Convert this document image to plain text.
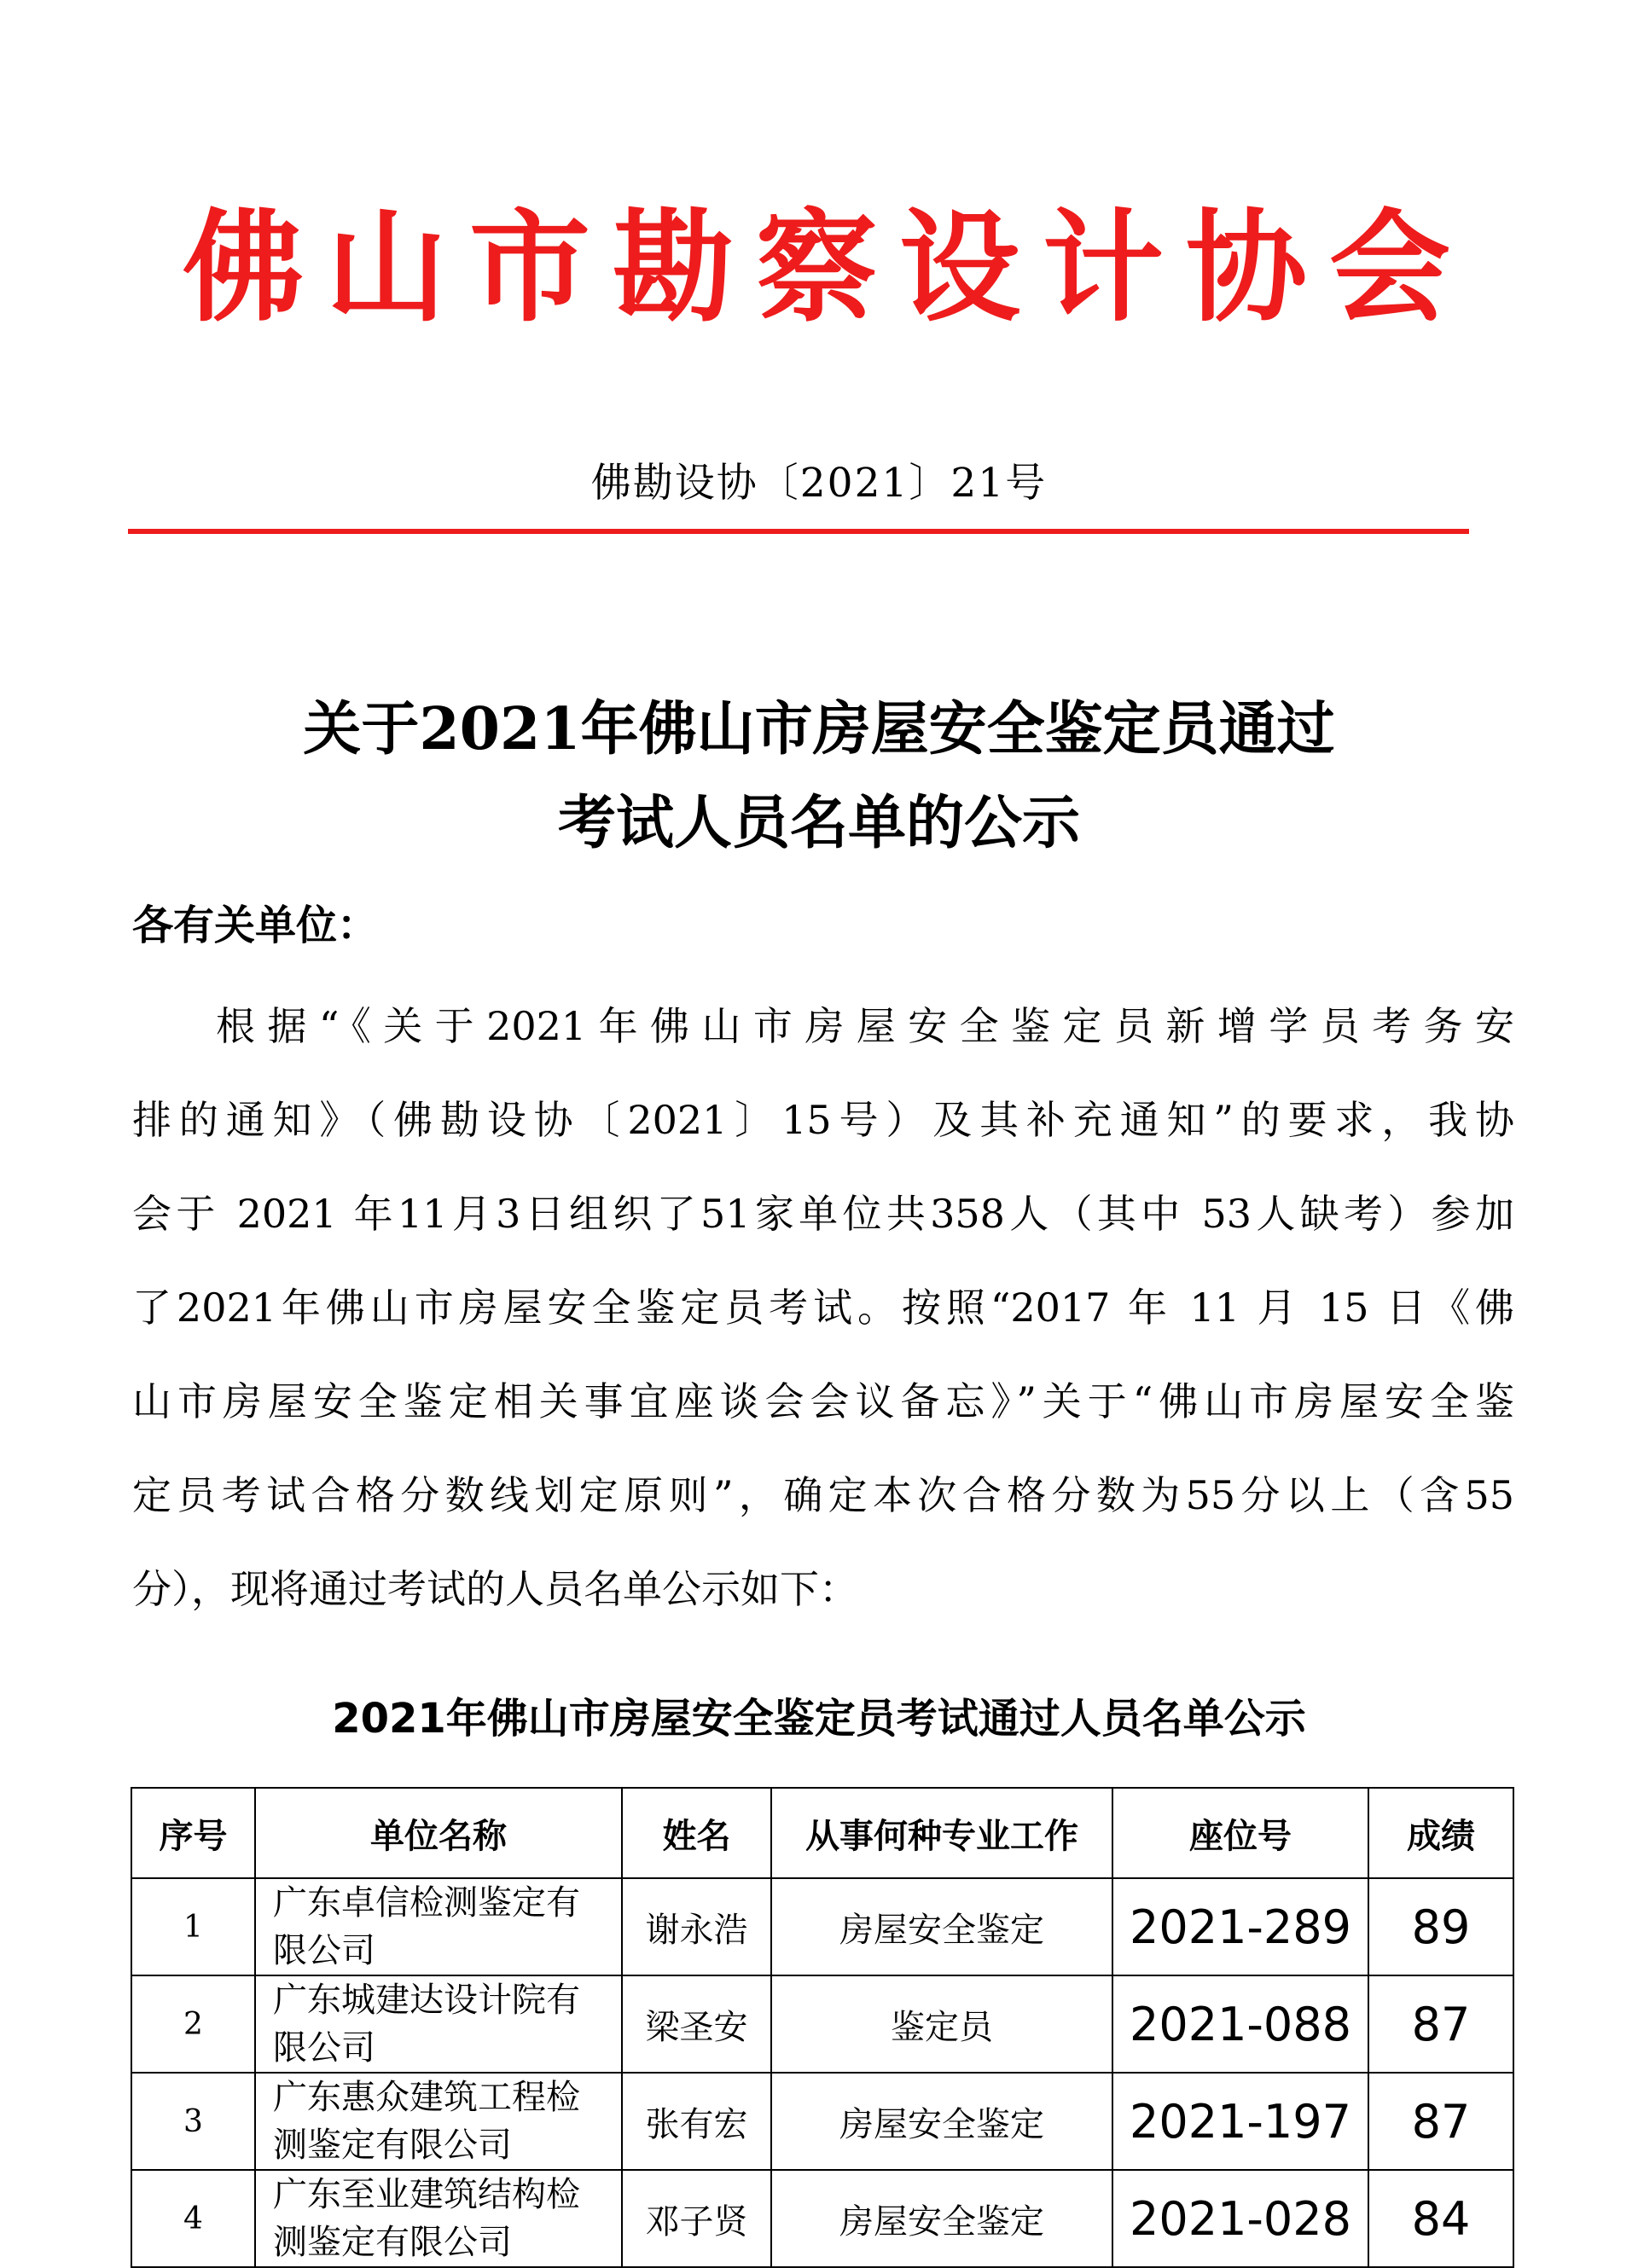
佛山市勘察设计协会
佛勘设协〔2021〕21号
关于2021年佛山市房屋安全鉴定员通过
考试人员名单的公示
各有关单位：
根据“《关于2021年佛山市房屋安全鉴定员新增学员考务安
排的通知》（佛勘设协〔2021〕15号）及其补充通知”的要求，我协
会于 2021 年11月3日组织了51家单位共358人（其中 53人缺考）参加
了2021年佛山市房屋安全鉴定员考试。按照“2017 年 11 月 15 日《佛
山市房屋安全鉴定相关事宜座谈会会议备忘》”关于“佛山市房屋安全鉴
定员考试合格分数线划定原则”，确定本次合格分数为55分以上（含55
分），现将通过考试的人员名单公示如下：
2021年佛山市房屋安全鉴定员考试通过人员名单公示
序号	单位名称	姓名	从事何种专业工作	座位号	成绩
1	广东卓信检测鉴定有
限公司	谢永浩	房屋安全鉴定	2021-289	89
2	广东城建达设计院有
限公司	梁圣安	鉴定员	2021-088	87
3	广东惠众建筑工程检
测鉴定有限公司	张有宏	房屋安全鉴定	2021-197	87
4	广东至业建筑结构检
测鉴定有限公司	邓子贤	房屋安全鉴定	2021-028	84
